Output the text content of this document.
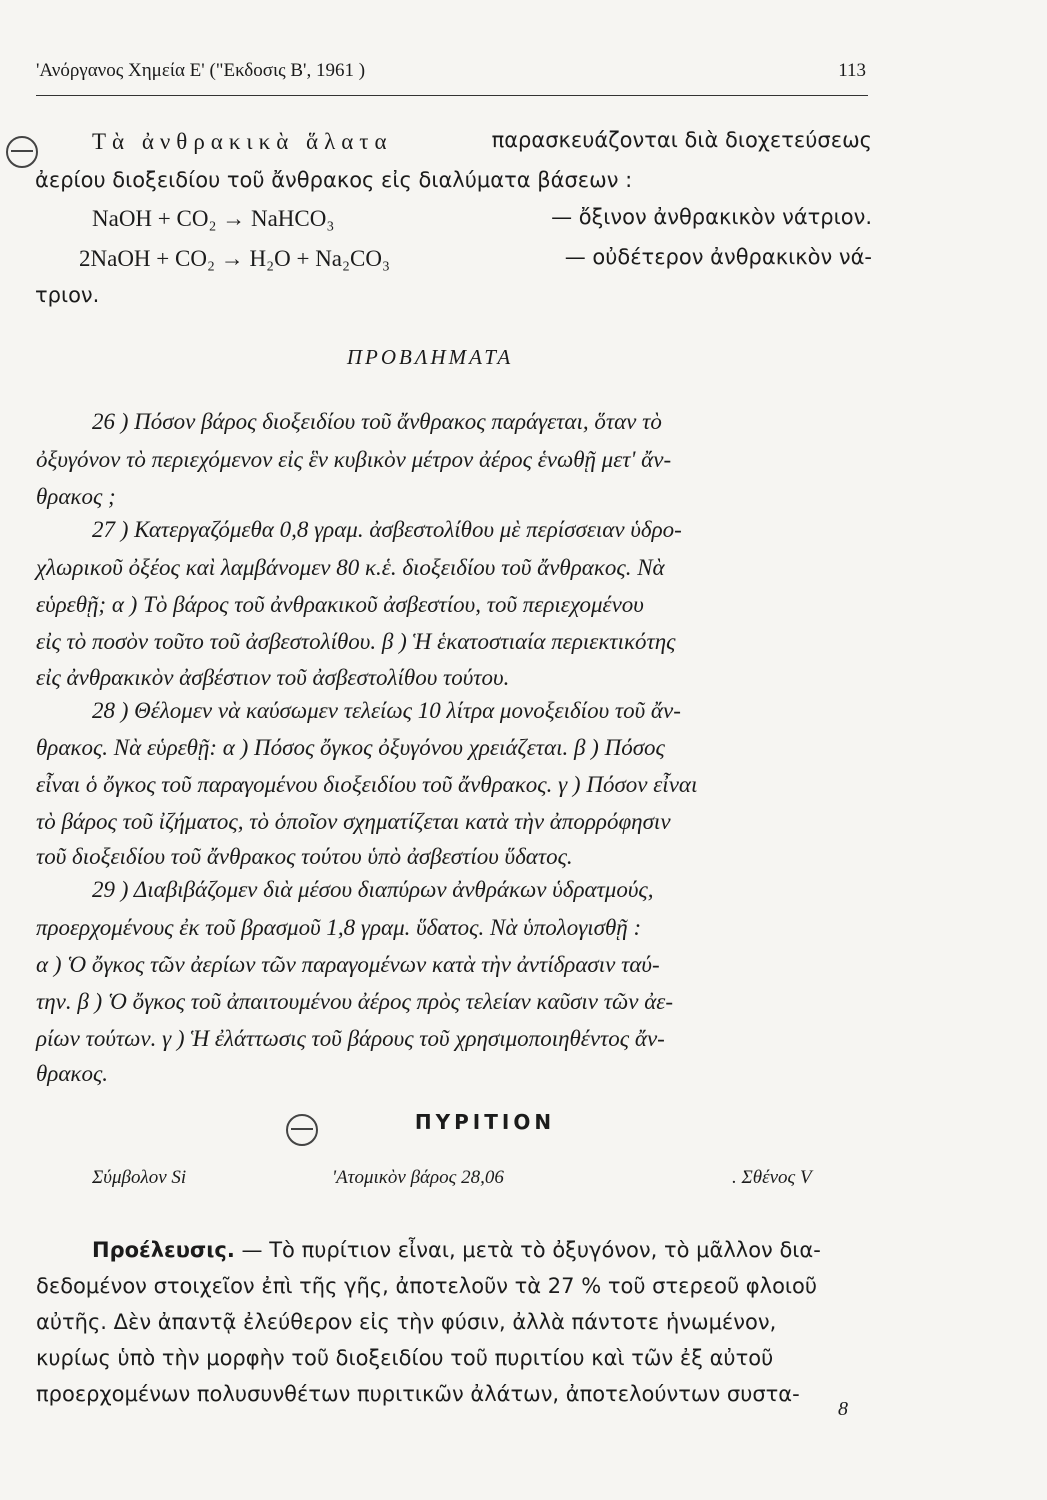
'Ανόργανος Χημεία Ε' ("Εκδοσις Β', 1961 )	113
Τὰ ἀνθρακικὰ ἅλατα	παρασκευάζονται διὰ διοχετεύσεως
ἀερίου διοξειδίου τοῦ ἄνθρακος εἰς διαλύματα βάσεων :
NaOH + CO₂ → NaHCO₃	— ὄξινον ἀνθρακικὸν νάτριον.
2NaOH + CO₂ → H₂O + Na₂CO₃	— οὐδέτερον ἀνθρακικὸν νά-
τριον.
ΠΡΟΒΛΗΜΑΤΑ
26 ) Πόσον βάρος διοξειδίου τοῦ ἄνθρακος παράγεται, ὅταν τὸ
ὀξυγόνον τὸ περιεχόμενον εἰς ἓν κυβικὸν μέτρον ἀέρος ἑνωθῇ μετ' ἄν-
θρακος ;
27 ) Κατεργαζόμεθα 0,8 γραμ. ἀσβεστολίθου μὲ περίσσειαν ὑδρο-
χλωρικοῦ ὀξέος καὶ λαμβάνομεν 80 κ.ἑ. διοξειδίου τοῦ ἄνθρακος. Νὰ
εὑρεθῇ; α ) Τὸ βάρος τοῦ ἀνθρακικοῦ ἀσβεστίου, τοῦ περιεχομένου
εἰς τὸ ποσὸν τοῦτο τοῦ ἀσβεστολίθου. β ) Ἡ ἑκατοστιαία περιεκτικότης
εἰς ἀνθρακικὸν ἀσβέστιον τοῦ ἀσβεστολίθου τούτου.
28 ) Θέλομεν νὰ καύσωμεν τελείως 10 λίτρα μονοξειδίου τοῦ ἄν-
θρακος. Νὰ εὑρεθῇ: α ) Πόσος ὄγκος ὀξυγόνου χρειάζεται. β ) Πόσος
εἶναι ὁ ὄγκος τοῦ παραγομένου διοξειδίου τοῦ ἄνθρακος. γ ) Πόσον εἶναι
τὸ βάρος τοῦ ἰζήματος, τὸ ὁποῖον σχηματίζεται κατὰ τὴν ἀπορρόφησιν
τοῦ διοξειδίου τοῦ ἄνθρακος τούτου ὑπὸ ἀσβεστίου ὕδατος.
29 ) Διαβιβάζομεν διὰ μέσου διαπύρων ἀνθράκων ὑδρατμούς,
προερχομένους ἐκ τοῦ βρασμοῦ 1,8 γραμ. ὕδατος. Νὰ ὑπολογισθῇ :
α ) Ὁ ὄγκος τῶν ἀερίων τῶν παραγομένων κατὰ τὴν ἀντίδρασιν ταύ-
την. β ) Ὁ ὄγκος τοῦ ἀπαιτουμένου ἀέρος πρὸς τελείαν καῦσιν τῶν ἀε-
ρίων τούτων. γ ) Ἡ ἐλάττωσις τοῦ βάρους τοῦ χρησιμοποιηθέντος ἄν-
θρακος.
ΠΥΡΙΤΙΟΝ
Σύμβολον Si	'Ατομικὸν βάρος 28,06	. Σθένος V
Προέλευσις. — Τὸ πυρίτιον εἶναι, μετὰ τὸ ὀξυγόνον, τὸ μᾶλλον δια-
δεδομένον στοιχεῖον ἐπὶ τῆς γῆς, ἀποτελοῦν τὰ 27 % τοῦ στερεοῦ φλοιοῦ
αὐτῆς. Δὲν ἀπαντᾷ ἐλεύθερον εἰς τὴν φύσιν, ἀλλὰ πάντοτε ἡνωμένον,
κυρίως ὑπὸ τὴν μορφὴν τοῦ διοξειδίου τοῦ πυριτίου καὶ τῶν ἐξ αὐτοῦ
προερχομένων πολυσυνθέτων πυριτικῶν ἀλάτων, ἀποτελούντων συστα-
8
